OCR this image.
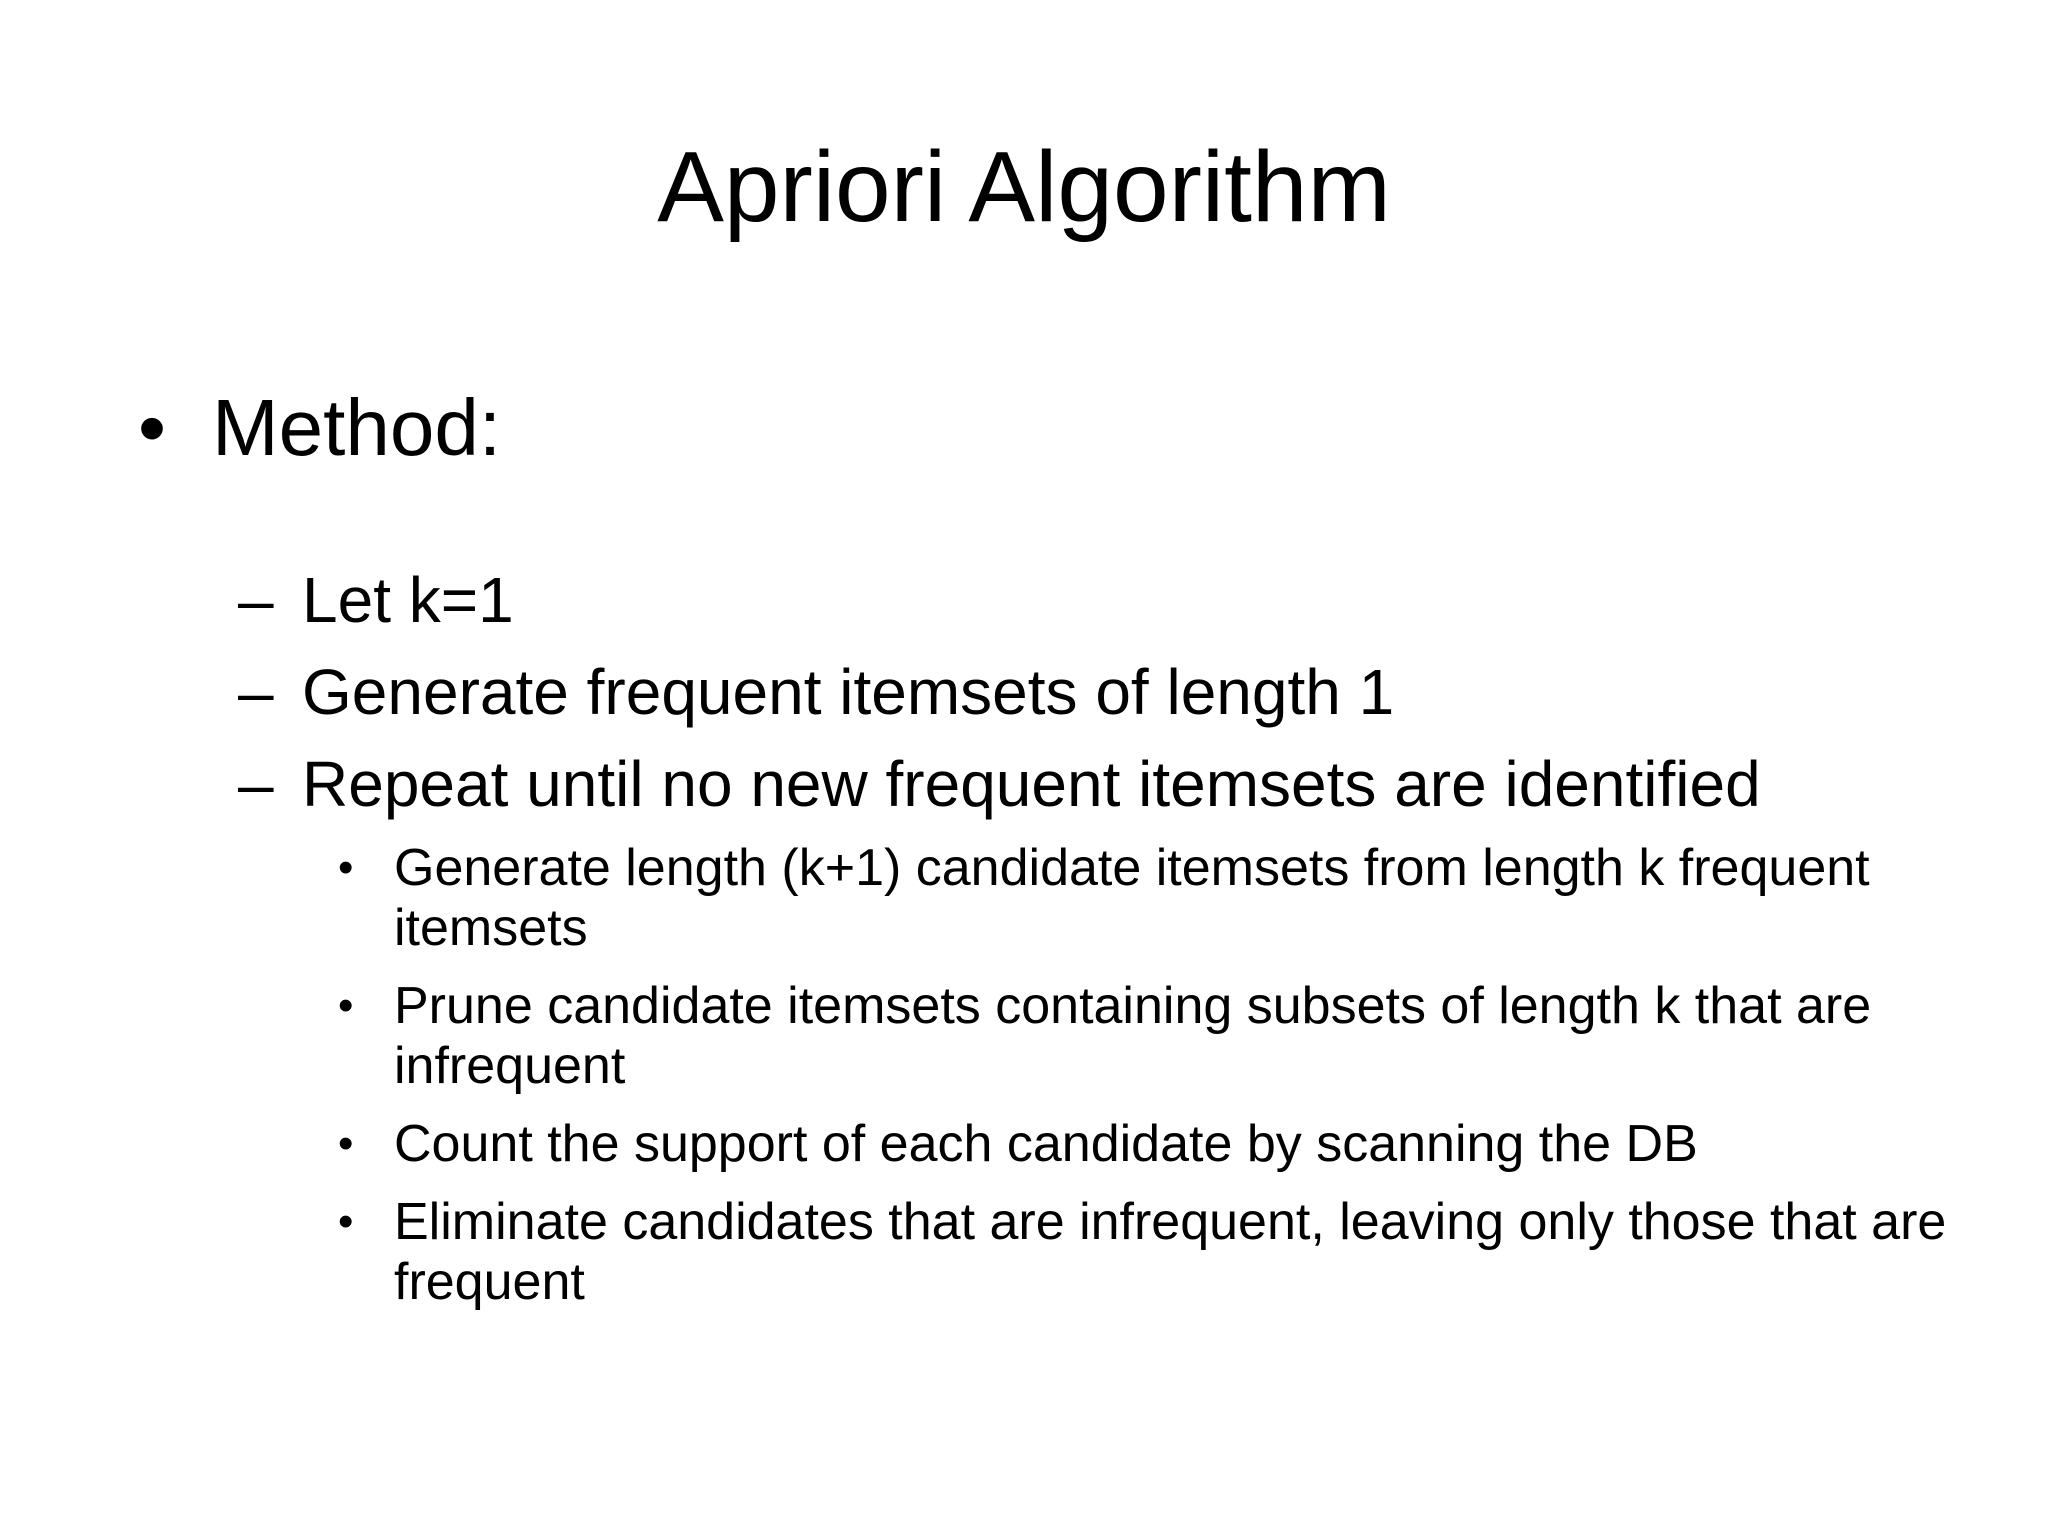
Apriori Algorithm
• Method:
– Let k=1
– Generate frequent itemsets of length 1
– Repeat until no new frequent itemsets are identified
• Generate length (k+1) candidate itemsets from length k frequent itemsets
• Prune candidate itemsets containing subsets of length k that are infrequent
• Count the support of each candidate by scanning the DB
• Eliminate candidates that are infrequent, leaving only those that are frequent
